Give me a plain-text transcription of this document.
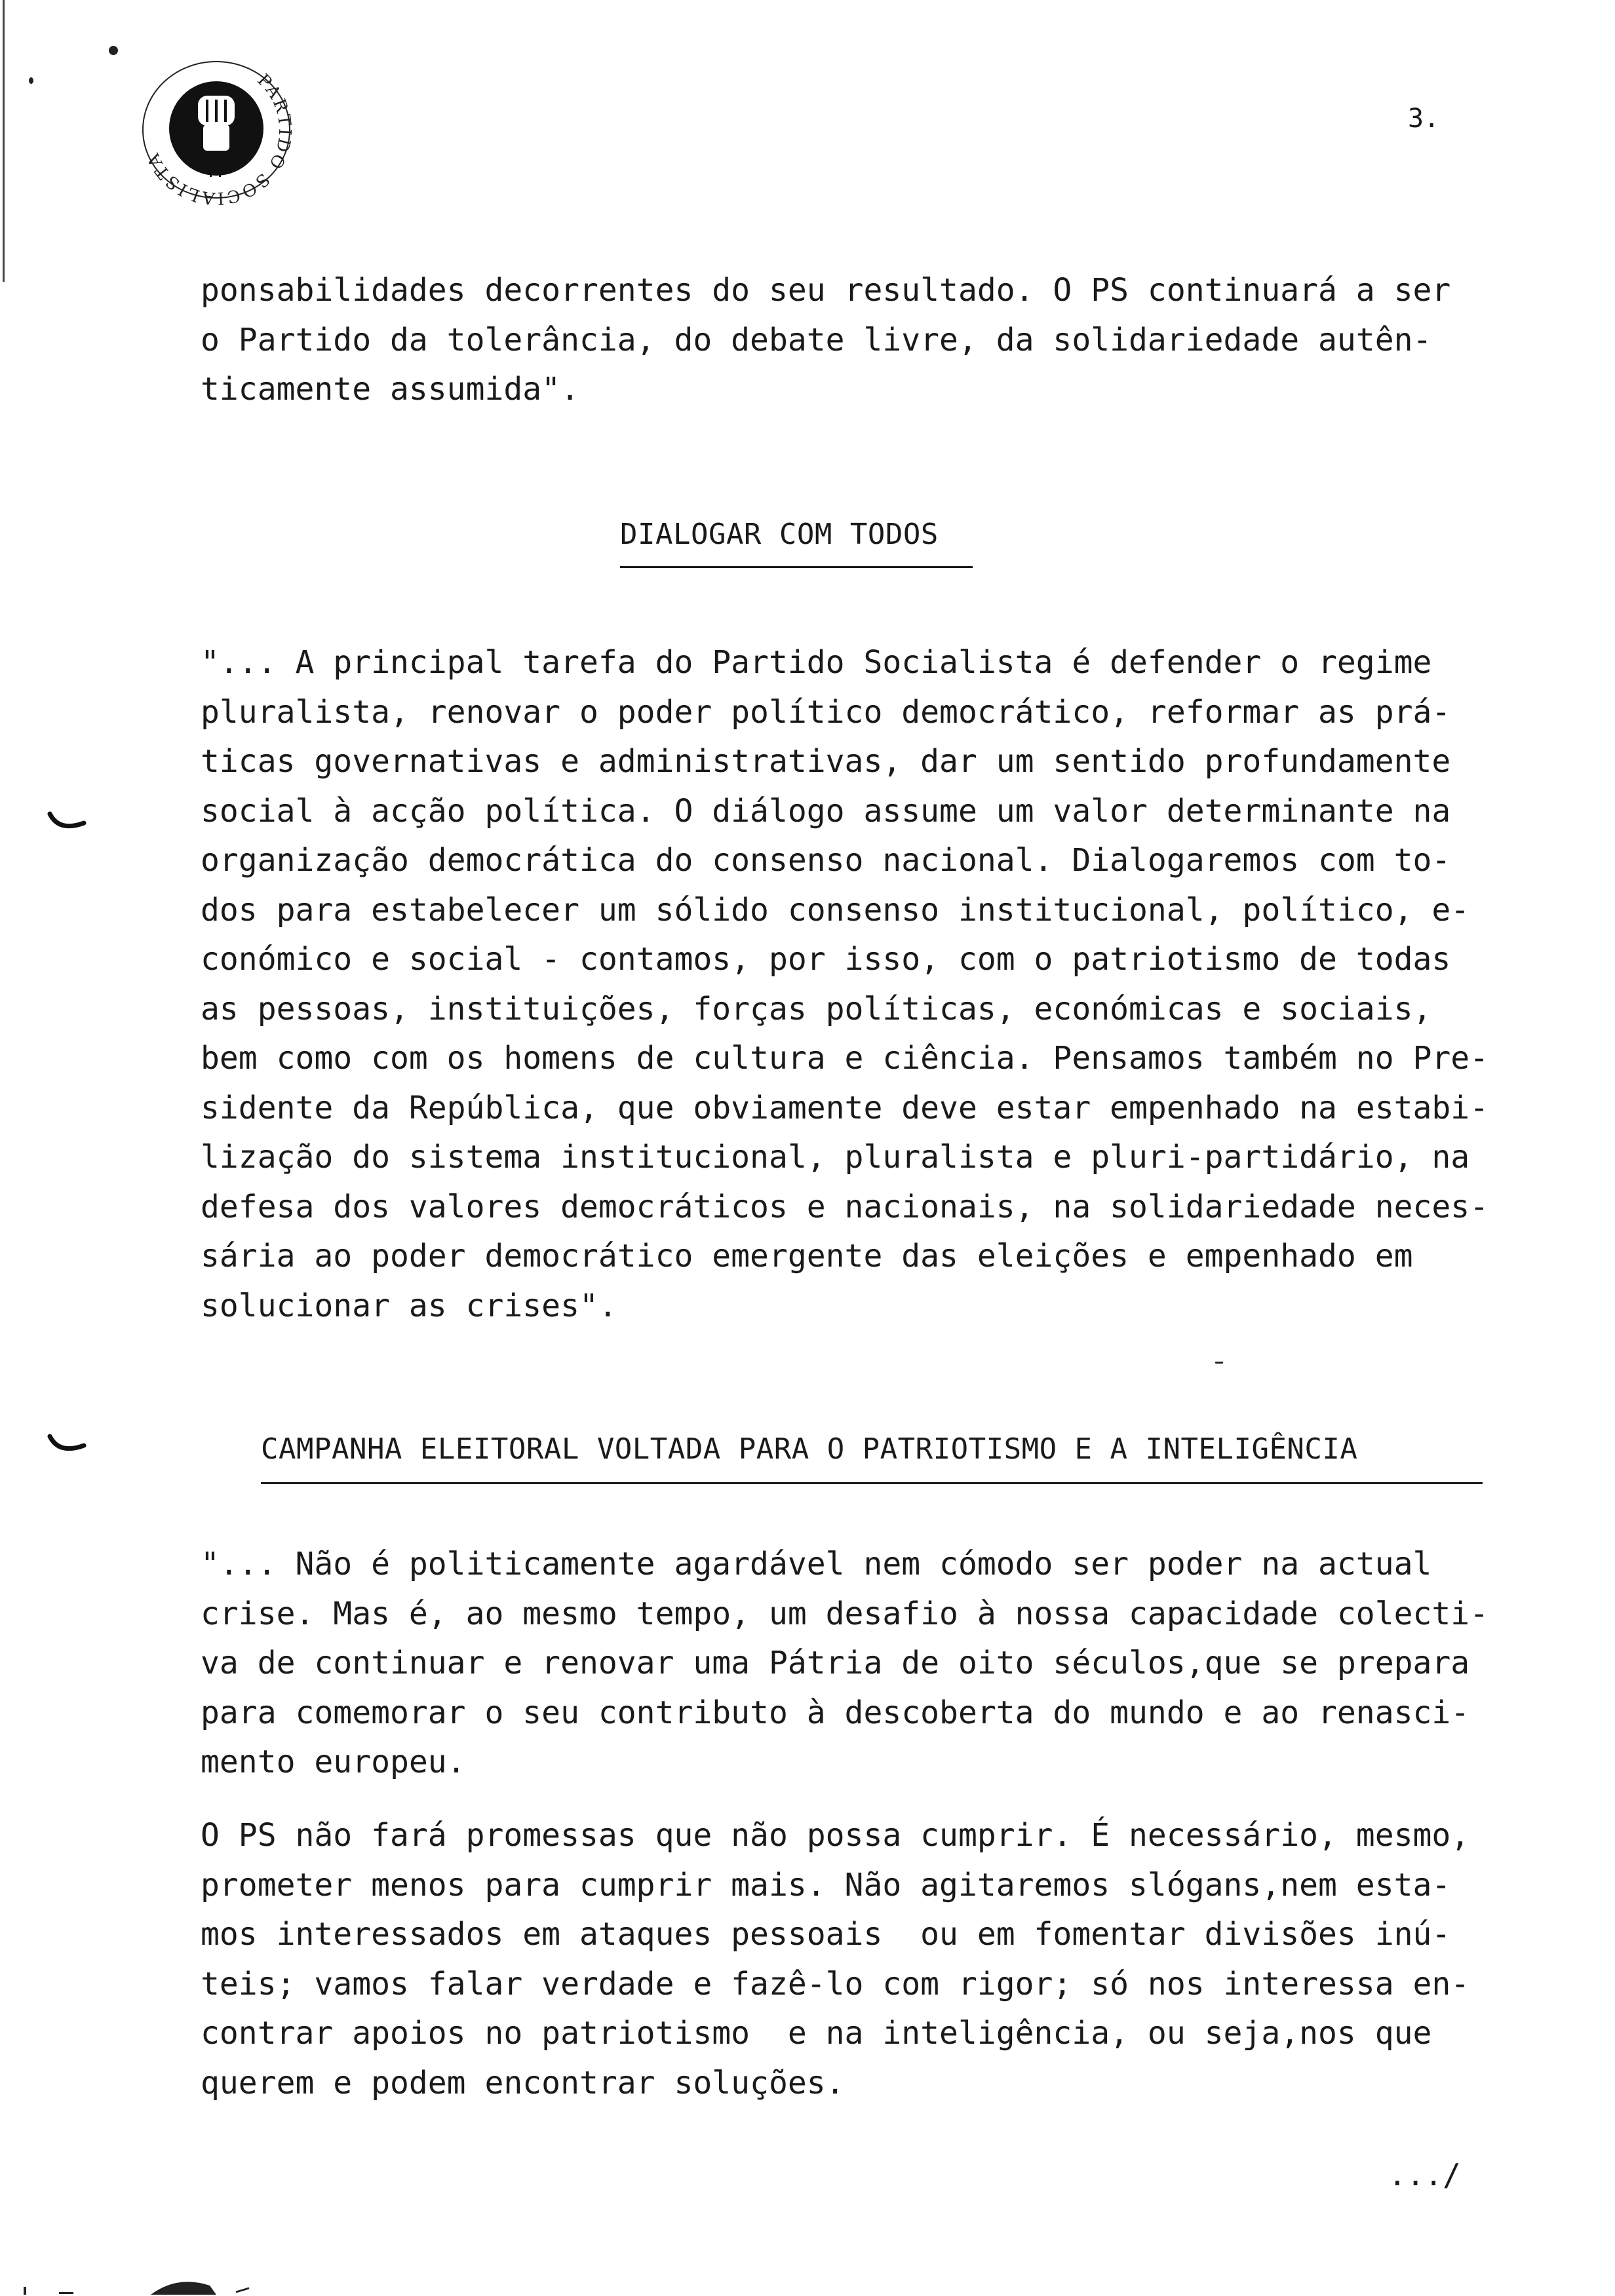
PARTIDO SOCIALISTA
3.
ponsabilidades decorrentes do seu resultado. O PS continuará a ser
o Partido da tolerância, do debate livre, da solidariedade autên-
ticamente assumida".
DIALOGAR COM TODOS
"... A principal tarefa do Partido Socialista é defender o regime
pluralista, renovar o poder político democrático, reformar as prá-
ticas governativas e administrativas, dar um sentido profundamente
social à acção política. O diálogo assume um valor determinante na
organização democrática do consenso nacional. Dialogaremos com to-
dos para estabelecer um sólido consenso institucional, político, e-
conómico e social - contamos, por isso, com o patriotismo de todas
as pessoas, instituições, forças políticas, económicas e sociais,
bem como com os homens de cultura e ciência. Pensamos também no Pre-
sidente da República, que obviamente deve estar empenhado na estabi-
lização do sistema institucional, pluralista e pluri-partidário, na
defesa dos valores democráticos e nacionais, na solidariedade neces-
sária ao poder democrático emergente das eleições e empenhado em
solucionar as crises".
CAMPANHA ELEITORAL VOLTADA PARA O PATRIOTISMO E A INTELIGÊNCIA
"... Não é politicamente agardável nem cómodo ser poder na actual
crise. Mas é, ao mesmo tempo, um desafio à nossa capacidade colecti-
va de continuar e renovar uma Pátria de oito séculos,que se prepara
para comemorar o seu contributo à descoberta do mundo e ao renasci-
mento europeu.
O PS não fará promessas que não possa cumprir. É necessário, mesmo,
prometer menos para cumprir mais. Não agitaremos slógans,nem esta-
mos interessados em ataques pessoais  ou em fomentar divisões inú-
teis; vamos falar verdade e fazê-lo com rigor; só nos interessa en-
contrar apoios no patriotismo  e na inteligência, ou seja,nos que
querem e podem encontrar soluções.
.../
